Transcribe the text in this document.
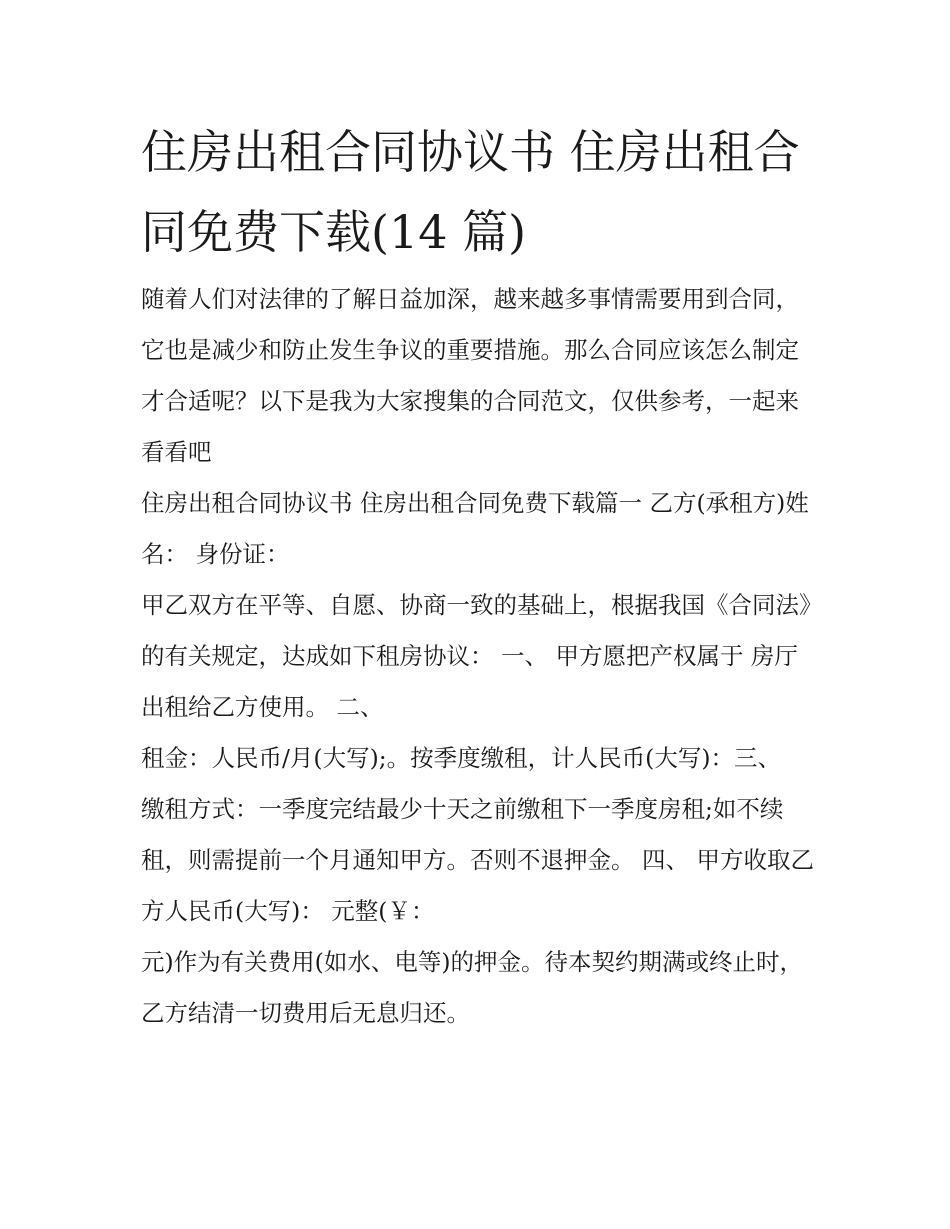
住房出租合同协议书 住房出租合同免费下载(14 篇)

随着人们对法律的了解日益加深，越来越多事情需要用到合同，它也是减少和防止发生争议的重要措施。那么合同应该怎么制定才合适呢？以下是我为大家搜集的合同范文，仅供参考，一起来看看吧

住房出租合同协议书 住房出租合同免费下载篇一 乙方(承租方)姓名： 身份证：

甲乙双方在平等、自愿、协商一致的基础上，根据我国《合同法》的有关规定，达成如下租房协议： 一、 甲方愿把产权属于 房厅出租给乙方使用。 二、

租金：人民币/月(大写);。按季度缴租，计人民币(大写)：三、

缴租方式：一季度完结最少十天之前缴租下一季度房租;如不续租，则需提前一个月通知甲方。否则不退押金。 四、 甲方收取乙方人民币(大写)： 元整(￥：

元)作为有关费用(如水、电等)的押金。待本契约期满或终止时，乙方结清一切费用后无息归还。
